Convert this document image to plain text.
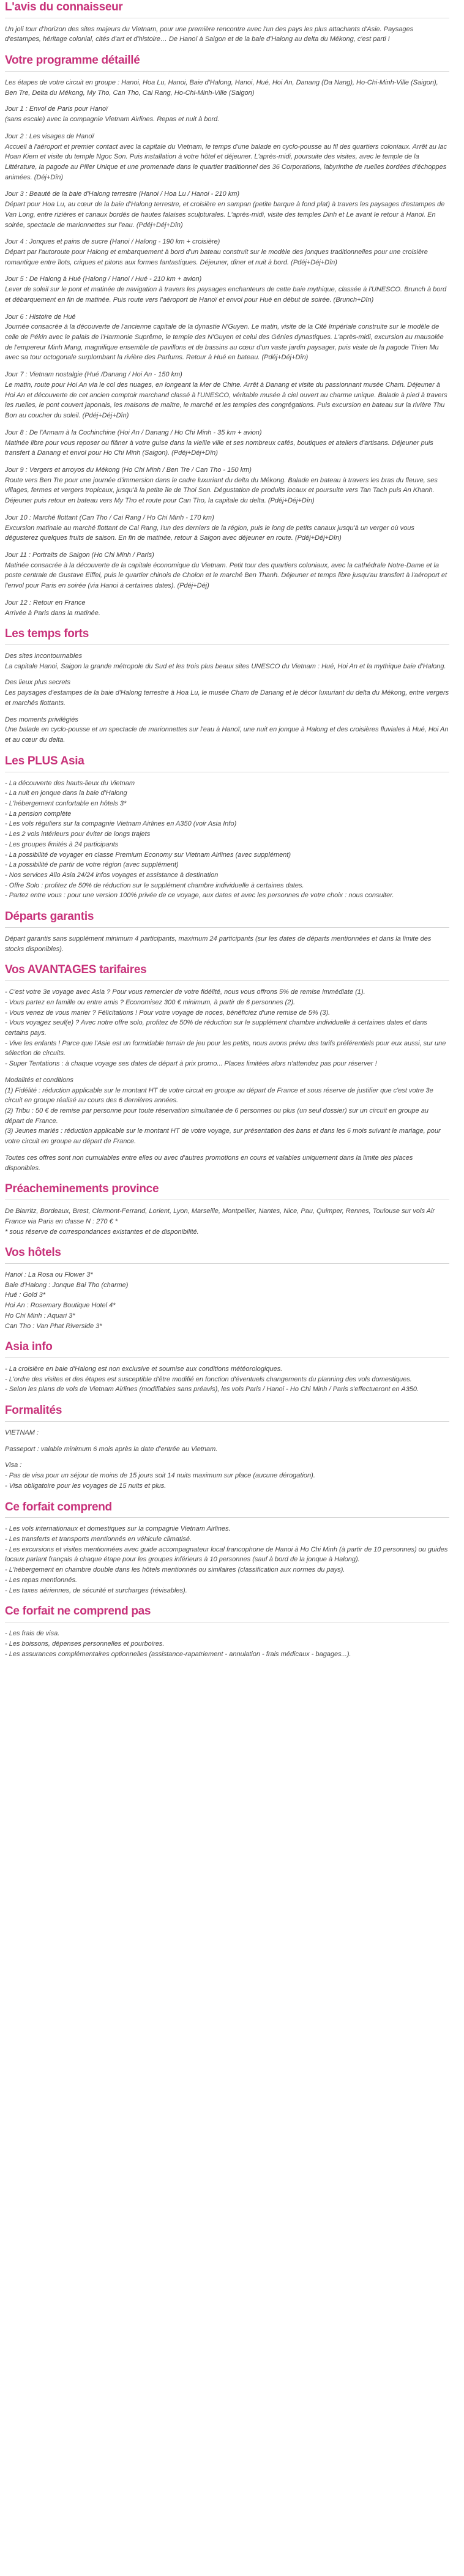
L'avis du connaisseur

Un joli tour d'horizon des sites majeurs du Vietnam, pour une première rencontre avec l'un des pays les plus attachants d'Asie. Paysages d'estampes, héritage colonial, cités d'art et d'histoire… De Hanoï à Saigon et de la baie d'Halong au delta du Mékong, c'est parti !

Votre programme détaillé

Les étapes de votre circuit en groupe : Hanoi, Hoa Lu, Hanoi, Baie d'Halong, Hanoi, Hué, Hoi An, Danang (Da Nang), Ho-Chi-Minh-Ville (Saigon), Ben Tre, Delta du Mékong, My Tho, Can Tho, Cai Rang, Ho-Chi-Minh-Ville (Saigon)

Jour 1 : Envol de Paris pour Hanoï
(sans escale) avec la compagnie Vietnam Airlines. Repas et nuit à bord.
Jour 2 : Les visages de Hanoï
Accueil à l'aéroport et premier contact avec la capitale du Vietnam, le temps d'une balade en cyclo-pousse au fil des quartiers coloniaux. Arrêt au lac Hoan Kiem et visite du temple Ngoc Son. Puis installation à votre hôtel et déjeuner. L'après-midi, poursuite des visites, avec le temple de la Littérature, la pagode au Pilier Unique et une promenade dans le quartier traditionnel des 36 Corporations, labyrinthe de ruelles bordées d'échoppes animées. (Déj+Dîn)
Jour 3 : Beauté de la baie d'Halong terrestre (Hanoi / Hoa Lu / Hanoi - 210 km)
Départ pour Hoa Lu, au cœur de la baie d'Halong terrestre, et croisière en sampan (petite barque à fond plat) à travers les paysages d'estampes de Van Long, entre rizières et canaux bordés de hautes falaises sculpturales. L'après-midi, visite des temples Dinh et Le avant le retour à Hanoi. En soirée, spectacle de marionnettes sur l'eau. (Pdéj+Déj+Dîn)
Jour 4 : Jonques et pains de sucre (Hanoi / Halong - 190 km + croisière)
Départ par l'autoroute pour Halong et embarquement à bord d'un bateau construit sur le modèle des jonques traditionnelles pour une croisière romantique entre îlots, criques et pitons aux formes fantastiques. Déjeuner, dîner et nuit à bord. (Pdéj+Déj+Dîn)
Jour 5 : De Halong à Hué (Halong / Hanoi / Hué - 210 km + avion)
Lever de soleil sur le pont et matinée de navigation à travers les paysages enchanteurs de cette baie mythique, classée à l'UNESCO. Brunch à bord et débarquement en fin de matinée. Puis route vers l'aéroport de Hanoï et envol pour Hué en début de soirée. (Brunch+Dîn)
Jour 6 : Histoire de Hué
Journée consacrée à la découverte de l'ancienne capitale de la dynastie N'Guyen. Le matin, visite de la Cité Impériale construite sur le modèle de celle de Pékin avec le palais de l'Harmonie Suprême, le temple des N'Guyen et celui des Génies dynastiques. L'après-midi, excursion au mausolée de l'empereur Minh Mang, magnifique ensemble de pavillons et de bassins au cœur d'un vaste jardin paysager, puis visite de la pagode Thien Mu avec sa tour octogonale surplombant la rivière des Parfums. Retour à Hué en bateau. (Pdéj+Déj+Dîn)
Jour 7 : Vietnam nostalgie (Hué /Danang / Hoi An - 150 km)
Le matin, route pour Hoi An via le col des nuages, en longeant la Mer de Chine. Arrêt à Danang et visite du passionnant musée Cham. Déjeuner à Hoi An et découverte de cet ancien comptoir marchand classé à l'UNESCO, véritable musée à ciel ouvert au charme unique. Balade à pied à travers les ruelles, le pont couvert japonais, les maisons de maître, le marché et les temples des congrégations. Puis excursion en bateau sur la rivière Thu Bon au coucher du soleil. (Pdéj+Déj+Dîn)
Jour 8 : De l'Annam à la Cochinchine (Hoi An / Danang / Ho Chi Minh - 35 km + avion)
Matinée libre pour vous reposer ou flâner à votre guise dans la vieille ville et ses nombreux cafés, boutiques et ateliers d'artisans. Déjeuner puis transfert à Danang et envol pour Ho Chi Minh (Saigon). (Pdéj+Déj+Dîn)
Jour 9 : Vergers et arroyos du Mékong (Ho Chi Minh / Ben Tre / Can Tho - 150 km)
Route vers Ben Tre pour une journée d'immersion dans le cadre luxuriant du delta du Mékong. Balade en bateau à travers les bras du fleuve, ses villages, fermes et vergers tropicaux, jusqu'à la petite île de Thoi Son. Dégustation de produits locaux et poursuite vers Tan Tach puis An Khanh. Déjeuner puis retour en bateau vers My Tho et route pour Can Tho, la capitale du delta. (Pdéj+Déj+Dîn)
Jour 10 : Marché flottant (Can Tho / Cai Rang / Ho Chi Minh - 170 km)
Excursion matinale au marché flottant de Cai Rang, l'un des derniers de la région, puis le long de petits canaux jusqu'à un verger où vous dégusterez quelques fruits de saison. En fin de matinée, retour à Saigon avec déjeuner en route. (Pdéj+Déj+Dîn)
Jour 11 : Portraits de Saigon (Ho Chi Minh / Paris)
Matinée consacrée à la découverte de la capitale économique du Vietnam. Petit tour des quartiers coloniaux, avec la cathédrale Notre-Dame et la poste centrale de Gustave Eiffel, puis le quartier chinois de Cholon et le marché Ben Thanh. Déjeuner et temps libre jusqu'au transfert à l'aéroport et l'envol pour Paris en soirée (via Hanoi à certaines dates). (Pdéj+Déj)
Jour 12 : Retour en France
Arrivée à Paris dans la matinée.
Les temps forts
Des sites incontournables
La capitale Hanoi, Saigon la grande métropole du Sud et les trois plus beaux sites UNESCO du Vietnam : Hué, Hoi An et la mythique baie d'Halong.
Des lieux plus secrets
Les paysages d'estampes de la baie d'Halong terrestre à Hoa Lu, le musée Cham de Danang et le décor luxuriant du delta du Mékong, entre vergers et marchés flottants.
Des moments privilégiés
Une balade en cyclo-pousse et un spectacle de marionnettes sur l'eau à Hanoï, une nuit en jonque à Halong et des croisières fluviales à Hué, Hoi An et au cœur du delta.
Les PLUS Asia
- La découverte des hauts-lieux du Vietnam
- La nuit en jonque dans la baie d'Halong
- L'hébergement confortable en hôtels 3*
- La pension complète
- Les vols réguliers sur la compagnie Vietnam Airlines en A350 (voir Asia Info)
- Les 2 vols intérieurs pour éviter de longs trajets
- Les groupes limités à 24 participants
- La possibilité de voyager en classe Premium Economy sur Vietnam Airlines (avec supplément)
- La possibilité de partir de votre région (avec supplément)
- Nos services Allo Asia 24/24 infos voyages et assistance à destination
- Offre Solo : profitez de 50% de réduction sur le supplément chambre individuelle à certaines dates.
- Partez entre vous : pour une version 100% privée de ce voyage, aux dates et avec les personnes de votre choix : nous consulter.
Départs garantis

Départ garantis sans supplément minimum 4 participants, maximum 24 participants (sur les dates de départs mentionnées et dans la limite des stocks disponibles).

Vos AVANTAGES tarifaires
- C'est votre 3e voyage avec Asia ? Pour vous remercier de votre fidélité, nous vous offrons 5% de remise immédiate (1).
- Vous partez en famille ou entre amis ? Economisez 300 € minimum, à partir de 6 personnes (2).
- Vous venez de vous marier ? Félicitations ! Pour votre voyage de noces, bénéficiez d'une remise de 5% (3).
- Vous voyagez seul(e) ? Avec notre offre solo, profitez de 50% de réduction sur le supplément chambre individuelle à certaines dates et dans certains pays.
- Vive les enfants ! Parce que l'Asie est un formidable terrain de jeu pour les petits, nous avons prévu des tarifs préférentiels pour eux aussi, sur une sélection de circuits.
- Super Tentations : à chaque voyage ses dates de départ à prix promo... Places limitées alors n'attendez pas pour réserver !
Modalités et conditions
(1) Fidélité : réduction applicable sur le montant HT de votre circuit en groupe au départ de France et sous réserve de justifier que c'est votre 3e circuit en groupe réalisé au cours des 6 dernières années.
(2) Tribu : 50 € de remise par personne pour toute réservation simultanée de 6 personnes ou plus (un seul dossier) sur un circuit en groupe au départ de France.
(3) Jeunes mariés : réduction applicable sur le montant HT de votre voyage, sur présentation des bans et dans les 6 mois suivant le mariage, pour votre circuit en groupe au départ de France.

Toutes ces offres sont non cumulables entre elles ou avec d'autres promotions en cours et valables uniquement dans la limite des places disponibles.

Préacheminements province
De Biarritz, Bordeaux, Brest, Clermont-Ferrand, Lorient, Lyon, Marseille, Montpellier, Nantes, Nice, Pau, Quimper, Rennes, Toulouse sur vols Air France via Paris en classe N : 270 € *
* sous réserve de correspondances existantes et de disponibilité.
Vos hôtels
Hanoi : La Rosa ou Flower 3*
Baie d'Halong : Jonque Bai Tho (charme)
Hué : Gold 3*
Hoi An : Rosemary Boutique Hotel 4*
Ho Chi Minh : Aquari 3*
Can Tho : Van Phat Riverside 3*
Asia info
- La croisière en baie d'Halong est non exclusive et soumise aux conditions météorologiques.
- L'ordre des visites et des étapes est susceptible d'être modifié en fonction d'éventuels changements du planning des vols domestiques.
- Selon les plans de vols de Vietnam Airlines (modifiables sans préavis), les vols Paris / Hanoi - Ho Chi Minh / Paris s'effectueront en A350.
Formalités
VIETNAM :
Passeport : valable minimum 6 mois après la date d'entrée au Vietnam.
Visa :
- Pas de visa pour un séjour de moins de 15 jours soit 14 nuits maximum sur place (aucune dérogation).
- Visa obligatoire pour les voyages de 15 nuits et plus.
Ce forfait comprend
- Les vols internationaux et domestiques sur la compagnie Vietnam Airlines.
- Les transferts et transports mentionnés en véhicule climatisé.
- Les excursions et visites mentionnées avec guide accompagnateur local francophone de Hanoi à Ho Chi Minh (à partir de 10 personnes) ou guides locaux parlant français à chaque étape pour les groupes inférieurs à 10 personnes (sauf à bord de la jonque à Halong).
- L'hébergement en chambre double dans les hôtels mentionnés ou similaires (classification aux normes du pays).
- Les repas mentionnés.
- Les taxes aériennes, de sécurité et surcharges (révisables).
Ce forfait ne comprend pas
- Les frais de visa.
- Les boissons, dépenses personnelles et pourboires.
- Les assurances complémentaires optionnelles (assistance-rapatriement - annulation - frais médicaux - bagages...).
